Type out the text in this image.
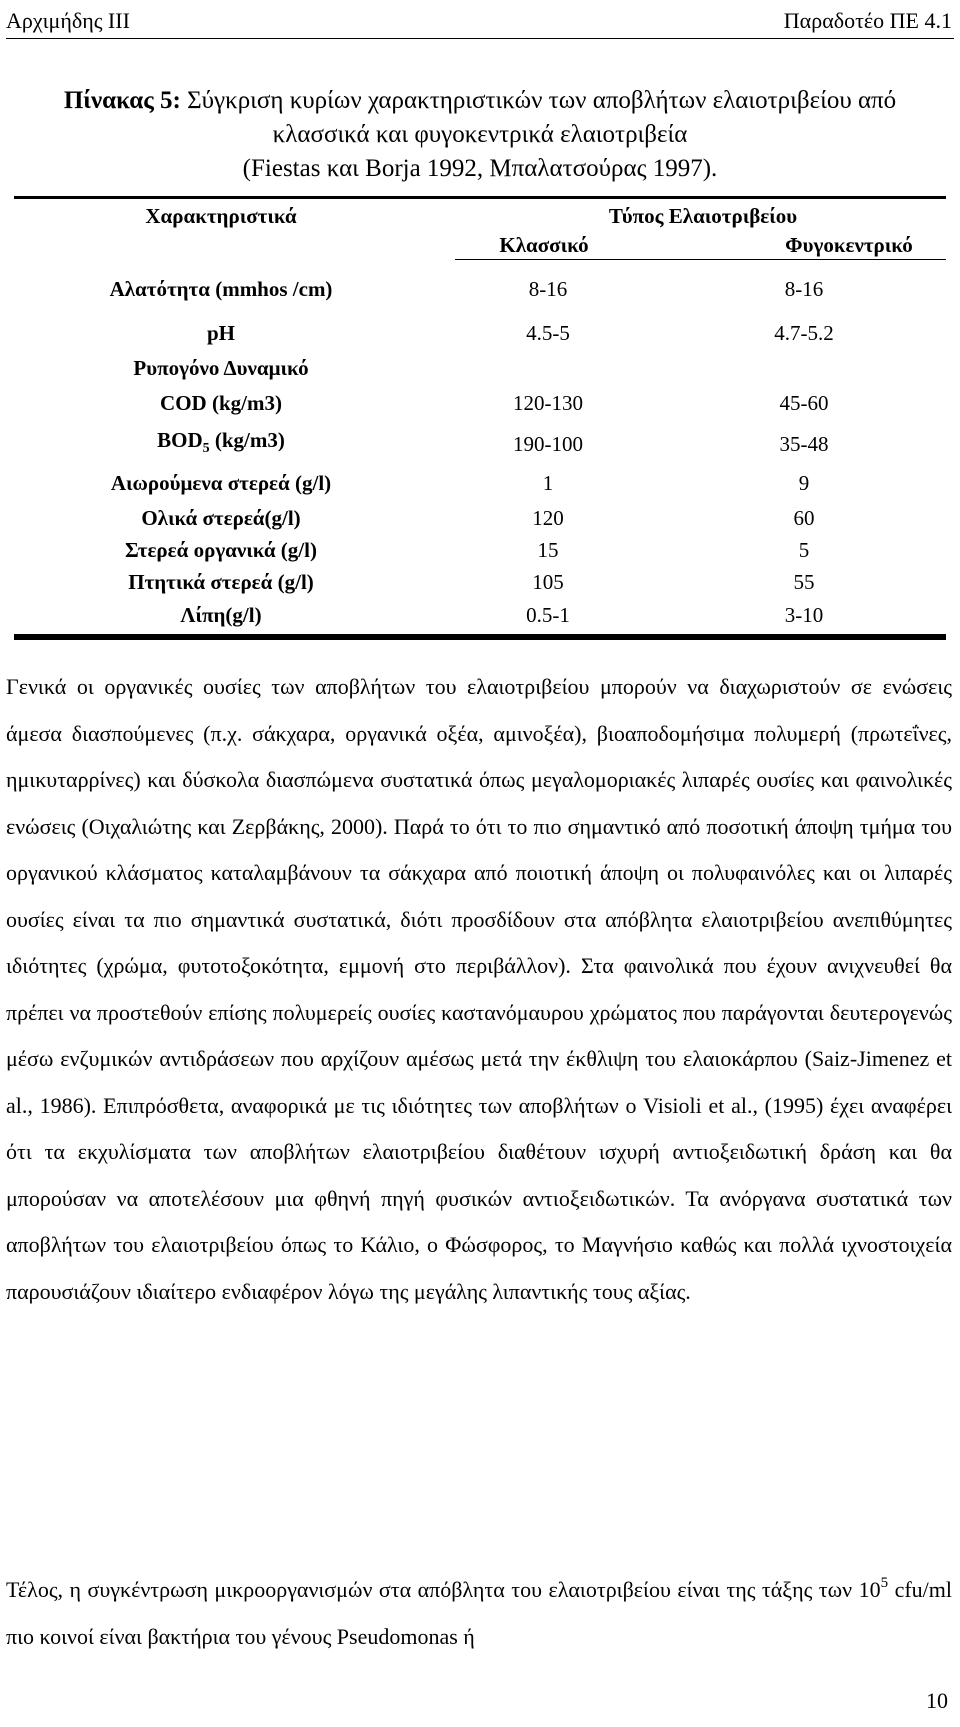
Αρχιμήδης ΙΙΙ	Παραδοτέο ΠΕ 4.1
Πίνακας 5: Σύγκριση κυρίων χαρακτηριστικών των αποβλήτων ελαιοτριβείου από
κλασσικά και φυγοκεντρικά ελαιοτριβεία
(Fiestas και Borja 1992, Μπαλατσούρας 1997).
Χαρακτηριστικά	Τύπος Ελαιοτριβείου
Κλασσικό	Φυγοκεντρικό
Αλατότητα (mmhos /cm)	8-16	8-16
pH	4.5-5	4.7-5.2
Ρυπογόνο Δυναμικό
COD (kg/m3)	120-130	45-60
$BOD_5$ (kg/m3)	190-100	35-48
Αιωρούμενα στερεά (g/l)	1	9
Ολικά στερεά(g/l)	120	60
Στερεά οργανικά (g/l)	15	5
Πτητικά στερεά (g/l)	105	55
Λίπη(g/l)	0.5-1	3-10

Γενικά οι οργανικές ουσίες των αποβλήτων του ελαιοτριβείου μπορούν να διαχωριστούν σε ενώσεις άμεσα διασπούμενες (π.χ. σάκχαρα, οργανικά οξέα, αμινοξέα), βιοαποδομήσιμα πολυμερή (πρωτεΐνες, ημικυταρρίνες) και δύσκολα διασπώμενα συστατικά όπως μεγαλομοριακές λιπαρές ουσίες και φαινολικές ενώσεις (Οιχαλιώτης και Ζερβάκης, 2000). Παρά το ότι το πιο σημαντικό από ποσοτική άποψη τμήμα του οργανικού κλάσματος καταλαμβάνουν τα σάκχαρα από ποιοτική άποψη οι πολυφαινόλες και οι λιπαρές ουσίες είναι τα πιο σημαντικά συστατικά, διότι προσδίδουν στα απόβλητα ελαιοτριβείου ανεπιθύμητες ιδιότητες (χρώμα, φυτοτοξοκότητα, εμμονή στο περιβάλλον). Στα φαινολικά που έχουν ανιχνευθεί θα πρέπει να προστεθούν επίσης πολυμερείς ουσίες καστανόμαυρου χρώματος που παράγονται δευτερογενώς μέσω ενζυμικών αντιδράσεων που αρχίζουν αμέσως μετά την έκθλιψη του ελαιοκάρπου (Saiz-Jimenez et al., 1986). Επιπρόσθετα, αναφορικά με τις ιδιότητες των αποβλήτων ο Visioli et al., (1995) έχει αναφέρει ότι τα εκχυλίσματα των αποβλήτων ελαιοτριβείου διαθέτουν ισχυρή αντιοξειδωτική δράση και θα μπορούσαν να αποτελέσουν μια φθηνή πηγή φυσικών αντιοξειδωτικών. Τα ανόργανα συστατικά των αποβλήτων του ελαιοτριβείου όπως το Κάλιο, ο Φώσφορος, το Μαγνήσιο καθώς και πολλά ιχνοστοιχεία παρουσιάζουν ιδιαίτερο ενδιαφέρον λόγω της μεγάλης λιπαντικής τους αξίας.

Τέλος, η συγκέντρωση μικροοργανισμών στα απόβλητα του ελαιοτριβείου είναι της τάξης των $10^5$ cfu/ml πιο κοινοί είναι βακτήρια του γένους Pseudomonas ή

10
